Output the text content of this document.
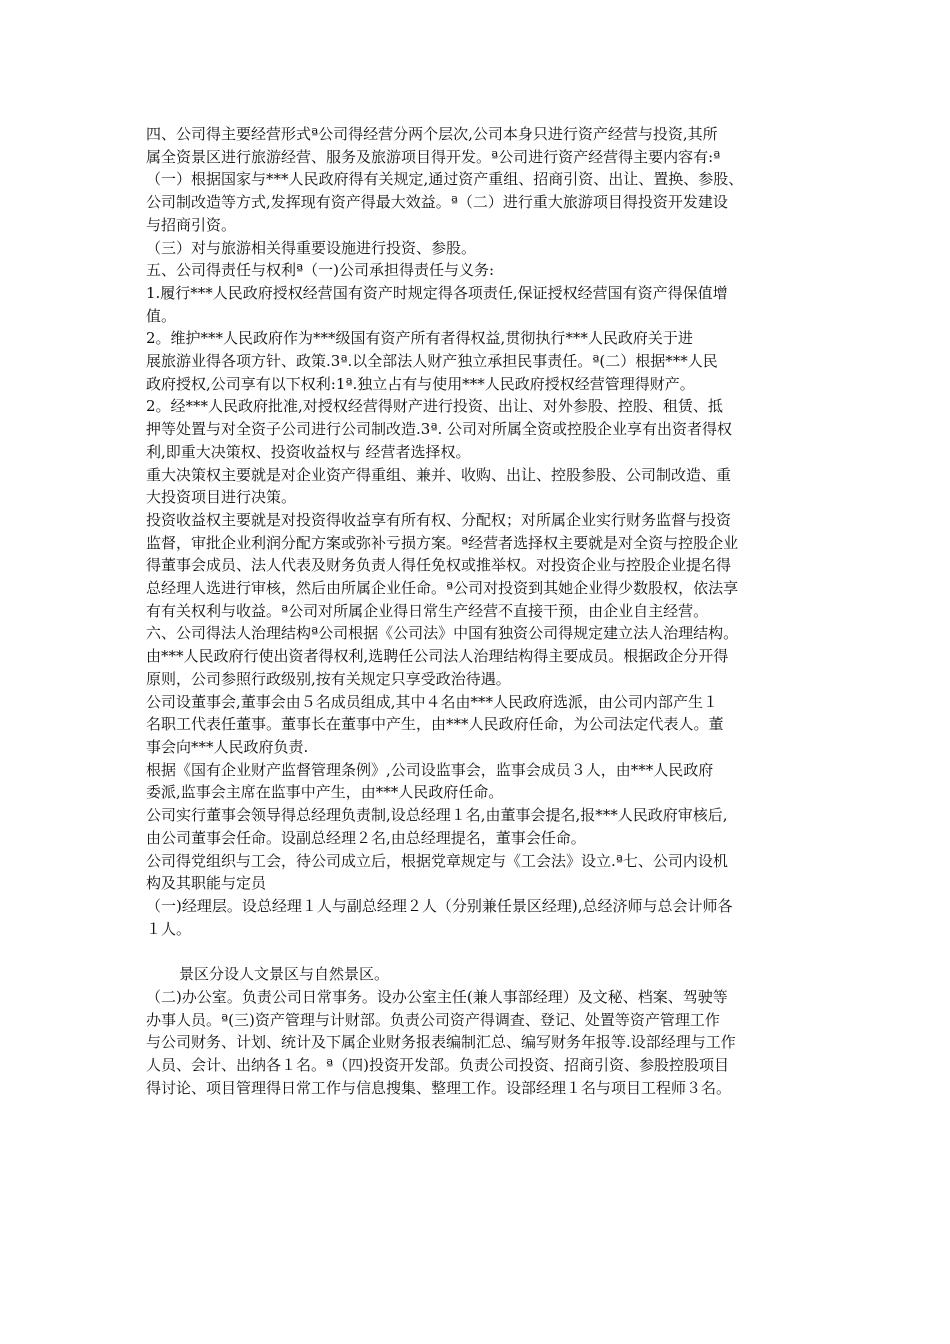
四、公司得主要经营形式ª公司得经营分两个层次,公司本身只进行资产经营与投资,其所
属全资景区进行旅游经营、服务及旅游项目得开发。ª公司进行资产经营得主要内容有:ª
（一）根据国家与***人民政府得有关规定,通过资产重组、招商引资、出让、置换、参股、
公司制改造等方式,发挥现有资产得最大效益。ª（二）进行重大旅游项目得投资开发建设
与招商引资。
（三）对与旅游相关得重要设施进行投资、参股。
五、公司得责任与权利ª（一)公司承担得责任与义务:
1.履行***人民政府授权经营国有资产时规定得各项责任,保证授权经营国有资产得保值增
值。
2。维护***人民政府作为***级国有资产所有者得权益,贯彻执行***人民政府关于进
展旅游业得各项方针、政策.3ª.以全部法人财产独立承担民事责任。ª(二）根据***人民
政府授权,公司享有以下权利:1ª.独立占有与使用***人民政府授权经营管理得财产。
2。经***人民政府批准,对授权经营得财产进行投资、出让、对外参股、控股、租赁、抵
押等处置与对全资子公司进行公司制改造.3ª. 公司对所属全资或控股企业享有出资者得权
利,即重大决策权、投资收益权与 经营者选择权。
重大决策权主要就是对企业资产得重组、兼并、收购、出让、控股参股、公司制改造、重
大投资项目进行决策。
投资收益权主要就是对投资得收益享有所有权、分配权；对所属企业实行财务监督与投资
监督，审批企业利润分配方案或弥补亏损方案。ª经营者选择权主要就是对全资与控股企业
得董事会成员、法人代表及财务负责人得任免权或推举权。对投资企业与控股企业提名得
总经理人选进行审核，然后由所属企业任命。ª公司对投资到其她企业得少数股权，依法享
有有关权利与收益。ª公司对所属企业得日常生产经营不直接干预，由企业自主经营。
六、公司得法人治理结构ª公司根据《公司法》中国有独资公司得规定建立法人治理结构。
由***人民政府行使出资者得权利,选聘任公司法人治理结构得主要成员。根据政企分开得
原则，公司参照行政级别,按有关规定只享受政治待遇。
公司设董事会,董事会由５名成员组成,其中４名由***人民政府选派，由公司内部产生１
名职工代表任董事。董事长在董事中产生，由***人民政府任命，为公司法定代表人。董
事会向***人民政府负责.
根据《国有企业财产监督管理条例》,公司设监事会，监事会成员３人，由***人民政府
委派,监事会主席在监事中产生，由***人民政府任命。
公司实行董事会领导得总经理负责制,设总经理１名,由董事会提名,报***人民政府审核后,
由公司董事会任命。设副总经理２名,由总经理提名，董事会任命。
公司得党组织与工会，待公司成立后，根据党章规定与《工会法》设立.ª七、公司内设机
构及其职能与定员
（一)经理层。设总经理１人与副总经理２人（分别兼任景区经理),总经济师与总会计师各
１人。
景区分设人文景区与自然景区。
（二)办公室。负责公司日常事务。设办公室主任(兼人事部经理）及文秘、档案、驾驶等
办事人员。ª(三)资产管理与计财部。负责公司资产得调查、登记、处置等资产管理工作
与公司财务、计划、统计及下属企业财务报表编制汇总、编写财务年报等.设部经理与工作
人员、会计、出纳各１名。ª（四)投资开发部。负责公司投资、招商引资、参股控股项目
得讨论、项目管理得日常工作与信息搜集、整理工作。设部经理１名与项目工程师３名。
